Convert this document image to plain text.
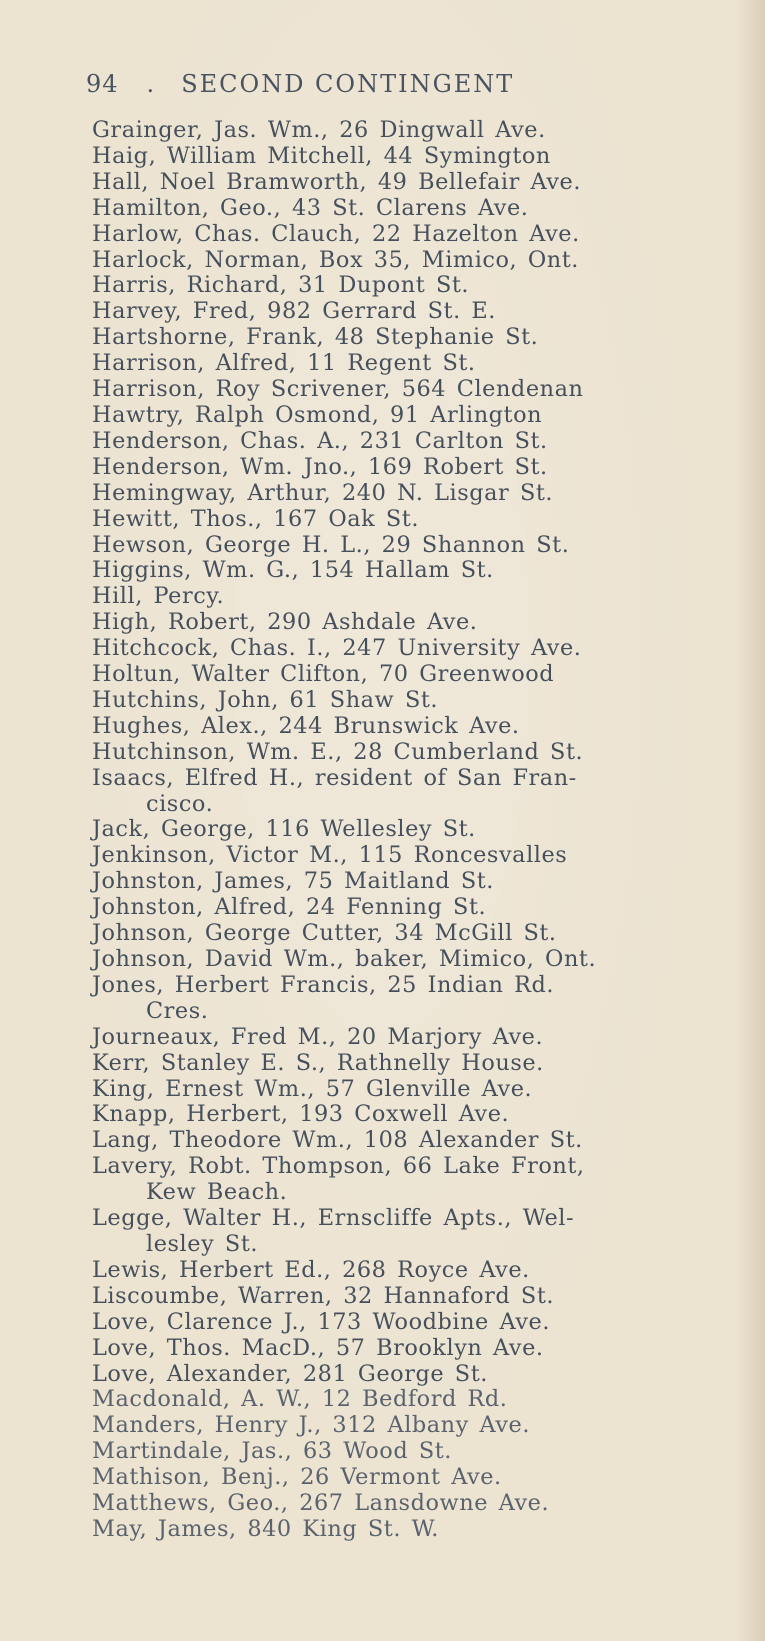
94 . SECOND CONTINGENT
Grainger, Jas. Wm., 26 Dingwall Ave.
Haig, William Mitchell, 44 Symington
Hall, Noel Bramworth, 49 Bellefair Ave.
Hamilton, Geo., 43 St. Clarens Ave.
Harlow, Chas. Clauch, 22 Hazelton Ave.
Harlock, Norman, Box 35, Mimico, Ont.
Harris, Richard, 31 Dupont St.
Harvey, Fred, 982 Gerrard St. E.
Hartshorne, Frank, 48 Stephanie St.
Harrison, Alfred, 11 Regent St.
Harrison, Roy Scrivener, 564 Clendenan
Hawtry, Ralph Osmond, 91 Arlington
Henderson, Chas. A., 231 Carlton St.
Henderson, Wm. Jno., 169 Robert St.
Hemingway, Arthur, 240 N. Lisgar St.
Hewitt, Thos., 167 Oak St.
Hewson, George H. L., 29 Shannon St.
Higgins, Wm. G., 154 Hallam St.
Hill, Percy.
High, Robert, 290 Ashdale Ave.
Hitchcock, Chas. I., 247 University Ave.
Holtun, Walter Clifton, 70 Greenwood
Hutchins, John, 61 Shaw St.
Hughes, Alex., 244 Brunswick Ave.
Hutchinson, Wm. E., 28 Cumberland St.
Isaacs, Elfred H., resident of San Fran-
cisco.
Jack, George, 116 Wellesley St.
Jenkinson, Victor M., 115 Roncesvalles
Johnston, James, 75 Maitland St.
Johnston, Alfred, 24 Fenning St.
Johnson, George Cutter, 34 McGill St.
Johnson, David Wm., baker, Mimico, Ont.
Jones, Herbert Francis, 25 Indian Rd.
Cres.
Journeaux, Fred M., 20 Marjory Ave.
Kerr, Stanley E. S., Rathnelly House.
King, Ernest Wm., 57 Glenville Ave.
Knapp, Herbert, 193 Coxwell Ave.
Lang, Theodore Wm., 108 Alexander St.
Lavery, Robt. Thompson, 66 Lake Front,
Kew Beach.
Legge, Walter H., Ernscliffe Apts., Wel-
lesley St.
Lewis, Herbert Ed., 268 Royce Ave.
Liscoumbe, Warren, 32 Hannaford St.
Love, Clarence J., 173 Woodbine Ave.
Love, Thos. MacD., 57 Brooklyn Ave.
Love, Alexander, 281 George St.
Macdonald, A. W., 12 Bedford Rd.
Manders, Henry J., 312 Albany Ave.
Martindale, Jas., 63 Wood St.
Mathison, Benj., 26 Vermont Ave.
Matthews, Geo., 267 Lansdowne Ave.
May, James, 840 King St. W.
